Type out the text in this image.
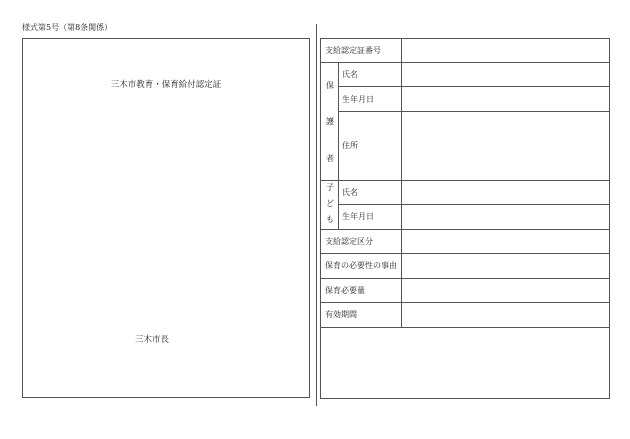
様式第5号（第8条関係）
三木市教育・保育給付認定証
三木市長
支給認定証番号
保
護
者
氏名
生年月日
住所
子
ど
も
氏名
生年月日
支給認定区分
保育の必要性の事由
保育必要量
有効期間
